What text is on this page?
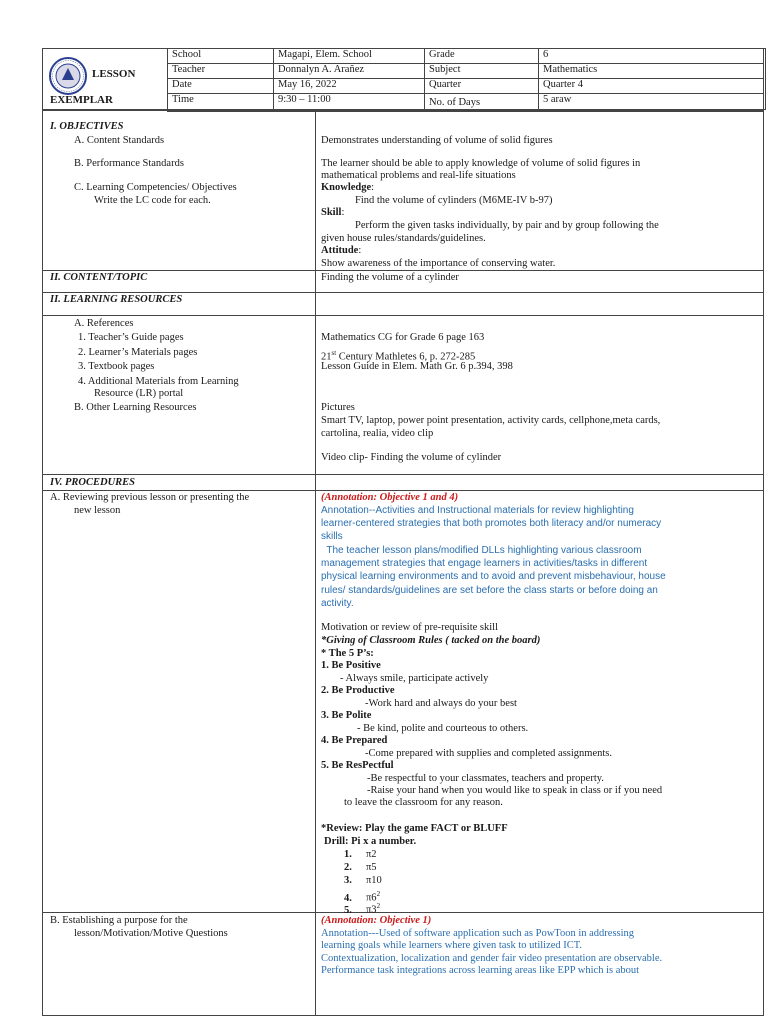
LESSON
EXEMPLAR
School	Magapi, Elem. School	Grade	6
Teacher	Donnalyn A. Arañez	Subject	Mathematics
Date	May 16, 2022	Quarter	Quarter 4
Time	9:30 – 11:00	No. of Days	5 araw
I. OBJECTIVES
A. Content Standards	Demonstrates understanding of volume of solid figures
B. Performance Standards	The learner should be able to apply knowledge of volume of solid figures in
mathematical problems and real-life situations
C. Learning Competencies/ Objectives
Write the LC code for each.
Knowledge:
Find the volume of cylinders (M6ME-IV b-97)
Skill:
Perform the given tasks individually, by pair and by group following the
given house rules/standards/guidelines.
Attitude:
Show awareness of the importance of conserving water.
II. CONTENT/TOPIC	Finding the volume of a cylinder
II. LEARNING RESOURCES
A. References
1. Teacher’s Guide pages	Mathematics CG for Grade 6 page 163
2. Learner’s Materials pages	21st Century Mathletes 6, p. 272-285
3. Textbook pages	Lesson Guide in Elem. Math Gr. 6 p.394, 398
4. Additional Materials from Learning
Resource (LR) portal
B. Other Learning Resources	Pictures
Smart TV, laptop, power point presentation, activity cards, cellphone,meta cards,
cartolina, realia, video clip
Video clip- Finding the volume of cylinder
IV. PROCEDURES
A. Reviewing previous lesson or presenting the
new lesson
(Annotation: Objective 1 and 4)
Annotation--Activities and Instructional materials for review highlighting
learner-centered strategies that both promotes both literacy and/or numeracy
skills
The teacher lesson plans/modified DLLs highlighting various classroom
management strategies that engage learners in activities/tasks in different
physical learning environments and to avoid and prevent misbehaviour, house
rules/ standards/guidelines are set before the class starts or before doing an
activity.
Motivation or review of pre-requisite skill
*Giving of Classroom Rules ( tacked on the board)
* The 5 P’s:
1. Be Positive
- Always smile, participate actively
2. Be Productive
-Work hard and always do your best
3. Be Polite
- Be kind, polite and courteous to others.
4. Be Prepared
-Come prepared with supplies and completed assignments.
5. Be ResPectful
-Be respectful to your classmates, teachers and property.
-Raise your hand when you would like to speak in class or if you need
to leave the classroom for any reason.
*Review: Play the game FACT or BLUFF
Drill: Pi x a number.
1. π2
2. π5
3. π10
4. $\pi 6^2$
5. $\pi 3^2$
B. Establishing a purpose for the
lesson/Motivation/Motive Questions
(Annotation: Objective 1)
Annotation---Used of software application such as PowToon in addressing
learning goals while learners where given task to utilized ICT.
Contextualization, localization and gender fair video presentation are observable.
Performance task integrations across learning areas like EPP which is about
